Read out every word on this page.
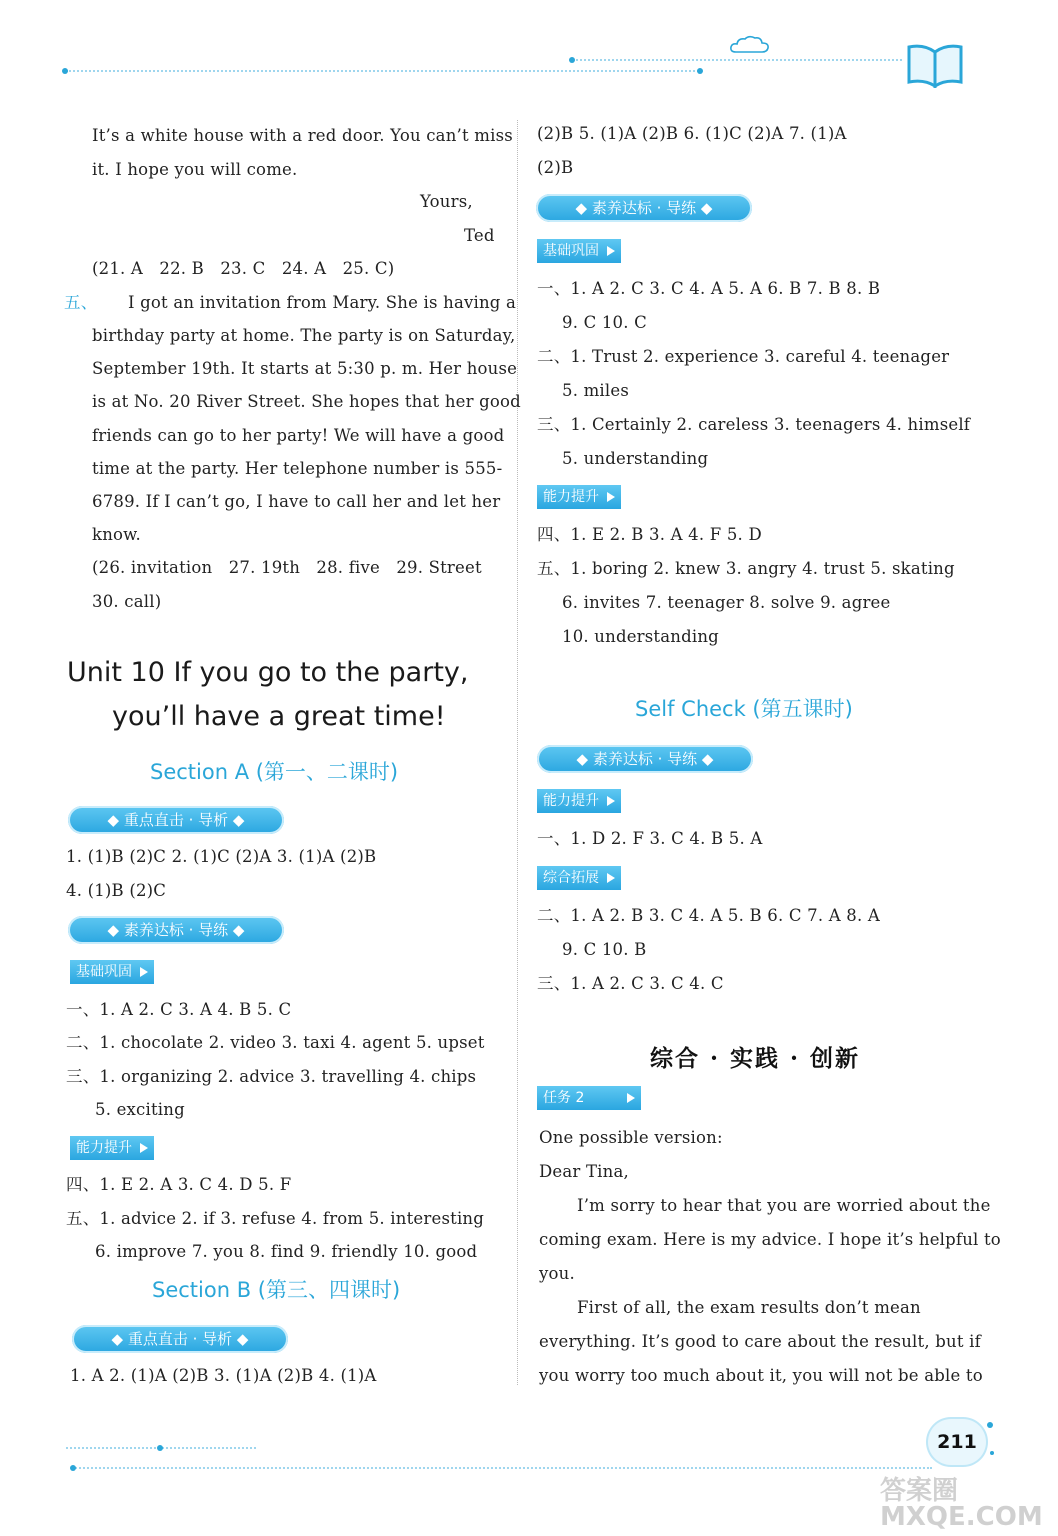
It’s a white house with a red door. You can’t miss
it. I hope you will come.
Yours,
Ted
(21. A 22. B 23. C 24. A 25. C)
五、 I got an invitation from Mary. She is having a
birthday party at home. The party is on Saturday,
September 19th. It starts at 5:30 p. m. Her house
is at No. 20 River Street. She hopes that her good
friends can go to her party! We will have a good
time at the party. Her telephone number is 555-
6789. If I can’t go, I have to call her and let her
know.
(26. invitation 27. 19th 28. five 29. Street
30. call)
Unit 10 If you go to the party,
you’ll have a great time!
Section A (第一、二课时)
◆ 重点直击 · 导析 ◆
1. (1)B (2)C 2. (1)C (2)A 3. (1)A (2)B
4. (1)B (2)C
◆ 素养达标 · 导练 ◆
基础巩固
一、1. A 2. C 3. A 4. B 5. C
二、1. chocolate 2. video 3. taxi 4. agent 5. upset
三、1. organizing 2. advice 3. travelling 4. chips
5. exciting
能力提升
四、1. E 2. A 3. C 4. D 5. F
五、1. advice 2. if 3. refuse 4. from 5. interesting
6. improve 7. you 8. find 9. friendly 10. good
Section B (第三、四课时)
◆ 重点直击 · 导析 ◆
1. A 2. (1)A (2)B 3. (1)A (2)B 4. (1)A
(2)B 5. (1)A (2)B 6. (1)C (2)A 7. (1)A
(2)B
◆ 素养达标 · 导练 ◆
基础巩固
一、1. A 2. C 3. C 4. A 5. A 6. B 7. B 8. B
9. C 10. C
二、1. Trust 2. experience 3. careful 4. teenager
5. miles
三、1. Certainly 2. careless 3. teenagers 4. himself
5. understanding
能力提升
四、1. E 2. B 3. A 4. F 5. D
五、1. boring 2. knew 3. angry 4. trust 5. skating
6. invites 7. teenager 8. solve 9. agree
10. understanding
Self Check (第五课时)
◆ 素养达标 · 导练 ◆
能力提升
一、1. D 2. F 3. C 4. B 5. A
综合拓展
二、1. A 2. B 3. C 4. A 5. B 6. C 7. A 8. A
9. C 10. B
三、1. A 2. C 3. C 4. C
综合 · 实践 · 创新
任务 2
One possible version:
Dear Tina,
I’m sorry to hear that you are worried about the
coming exam. Here is my advice. I hope it’s helpful to
you.
First of all, the exam results don’t mean
everything. It’s good to care about the result, but if
you worry too much about it, you will not be able to
211
答案圈 MXQE.COM
